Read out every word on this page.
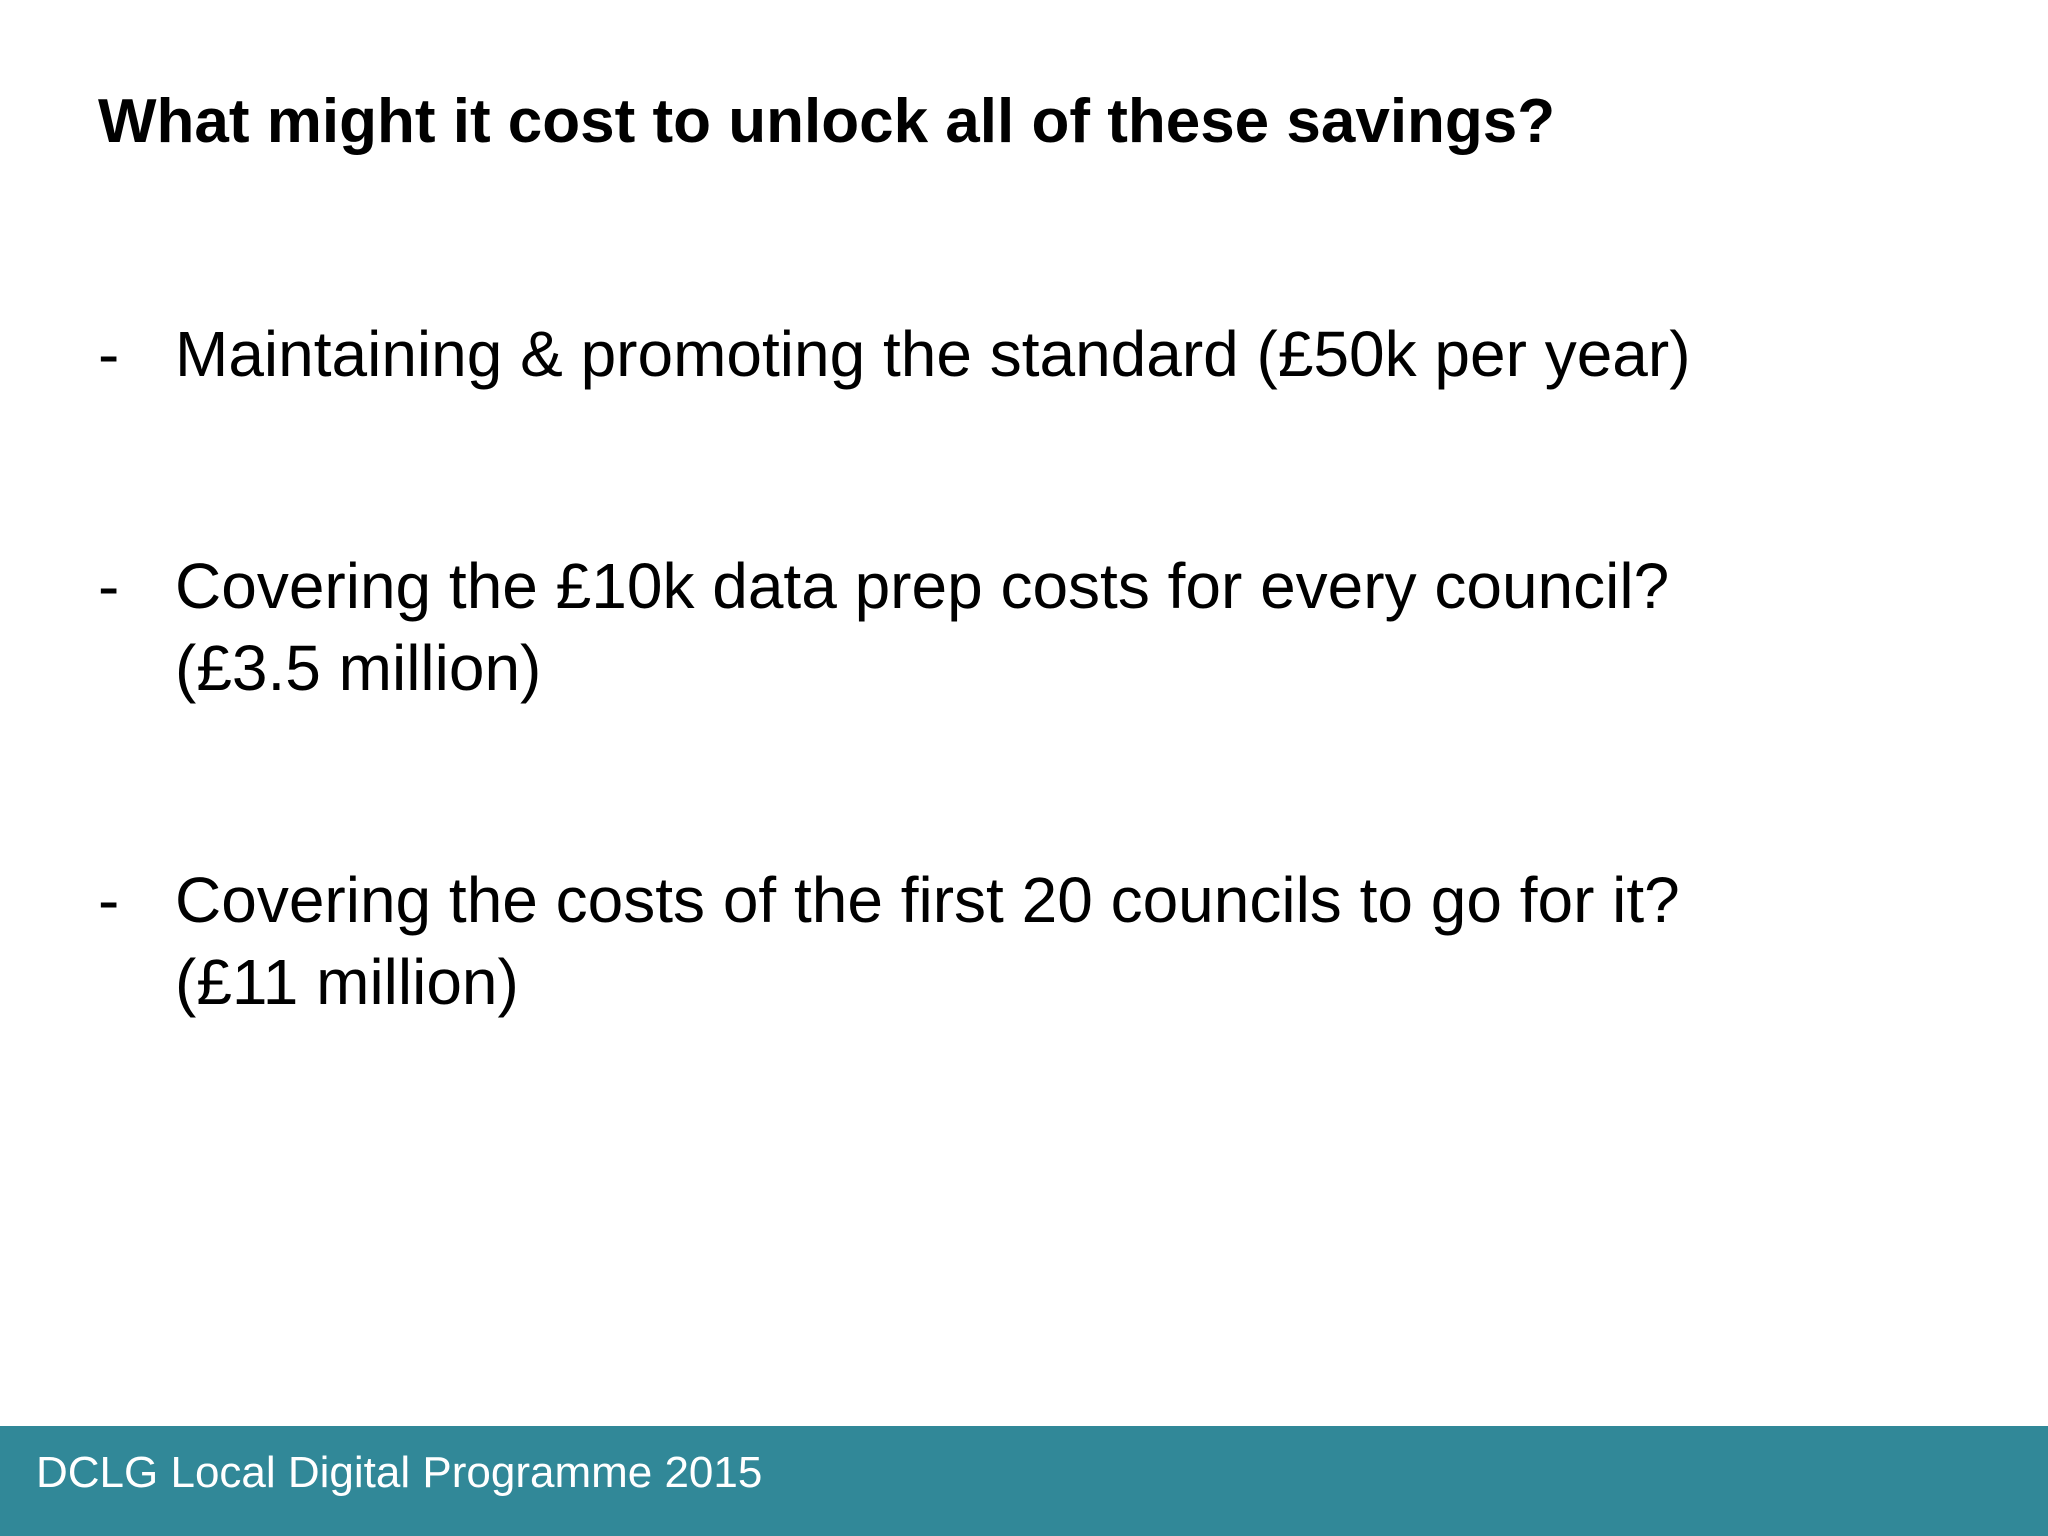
What might it cost to unlock all of these savings?
- Maintaining & promoting the standard (£50k per year)
- Covering the £10k data prep costs for every council?
(£3.5 million)
- Covering the costs of the first 20 councils to go for it?
(£11 million)
DCLG Local Digital Programme 2015
